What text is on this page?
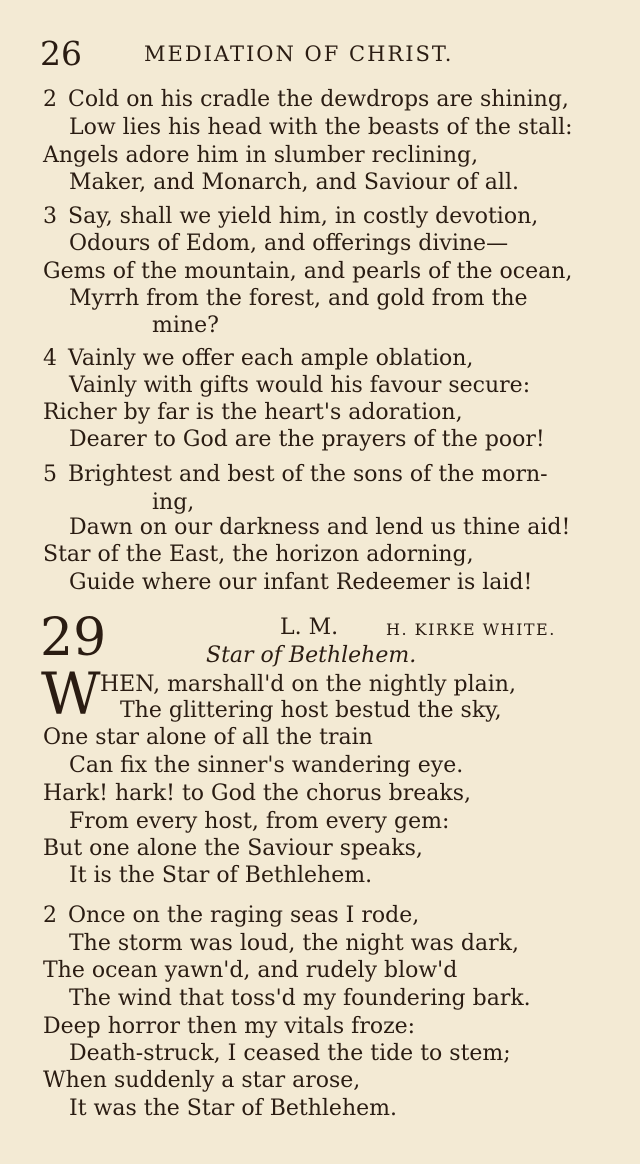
26	MEDIATION OF CHRIST.
2 Cold on his cradle the dewdrops are shining,
Low lies his head with the beasts of the stall:
Angels adore him in slumber reclining,
Maker, and Monarch, and Saviour of all.
3 Say, shall we yield him, in costly devotion,
Odours of Edom, and offerings divine—
Gems of the mountain, and pearls of the ocean,
Myrrh from the forest, and gold from the
mine?
4 Vainly we offer each ample oblation,
Vainly with gifts would his favour secure:
Richer by far is the heart's adoration,
Dearer to God are the prayers of the poor!
5 Brightest and best of the sons of the morn-
ing,
Dawn on our darkness and lend us thine aid!
Star of the East, the horizon adorning,
Guide where our infant Redeemer is laid!
29	L. M.	H. KIRKE WHITE.
Star of Bethlehem.
W HEN, marshall'd on the nightly plain,
The glittering host bestud the sky,
One star alone of all the train
Can fix the sinner's wandering eye.
Hark! hark! to God the chorus breaks,
From every host, from every gem:
But one alone the Saviour speaks,
It is the Star of Bethlehem.
2 Once on the raging seas I rode,
The storm was loud, the night was dark,
The ocean yawn'd, and rudely blow'd
The wind that toss'd my foundering bark.
Deep horror then my vitals froze:
Death-struck, I ceased the tide to stem;
When suddenly a star arose,
It was the Star of Bethlehem.
